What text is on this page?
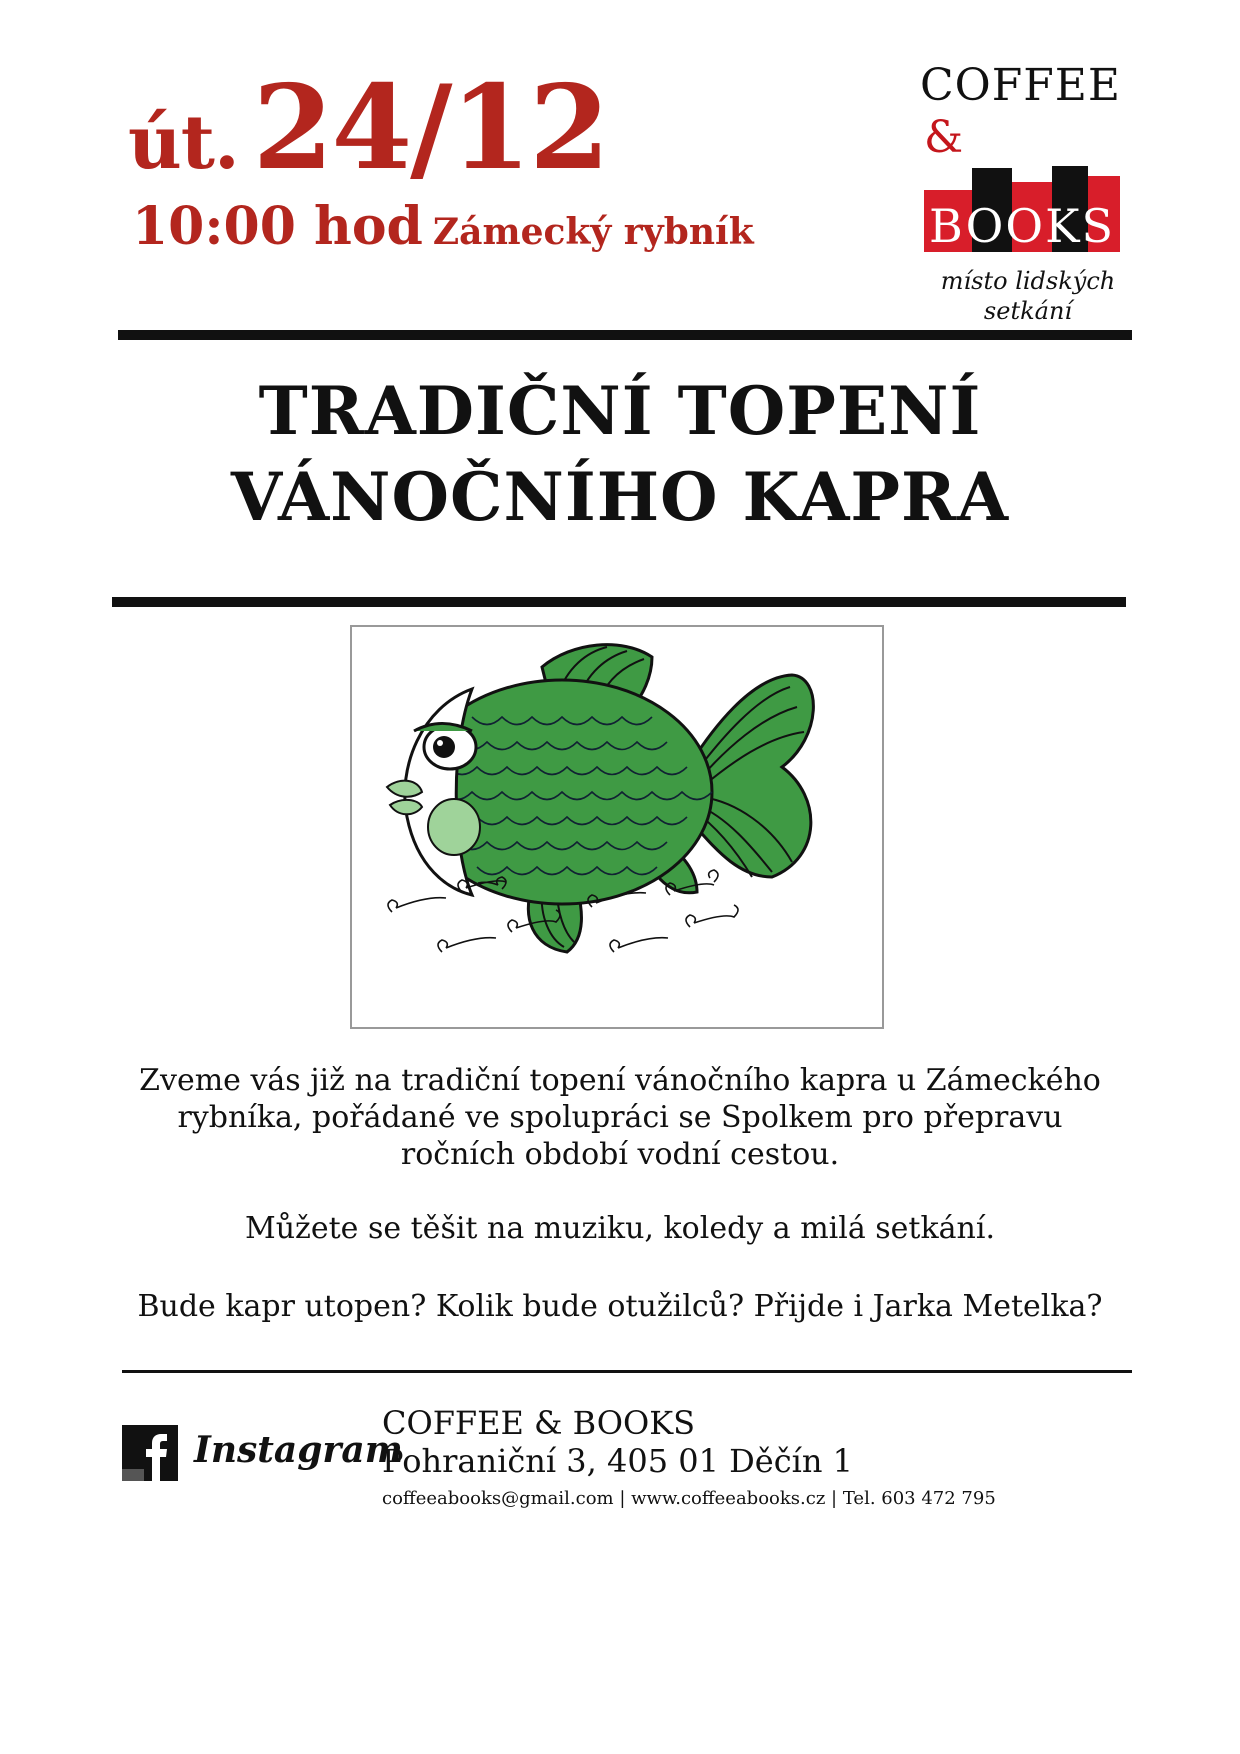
út. 24/12
10:00 hod Zámecký rybník
COFFEE
&
BOOKS
místo lidských
setkání
TRADIČNÍ TOPENÍ
VÁNOČNÍHO KAPRA
Zveme vás již na tradiční topení vánočního kapra u Zámeckého
rybníka, pořádané ve spolupráci se Spolkem pro přepravu
ročních období vodní cestou.
Můžete se těšit na muziku, koledy a milá setkání.
Bude kapr utopen? Kolik bude otužilců? Přijde i Jarka Metelka?
Instagram
COFFEE & BOOKS
Pohraniční 3, 405 01 Děčín 1
coffeeabooks@gmail.com | www.coffeeabooks.cz | Tel. 603 472 795
